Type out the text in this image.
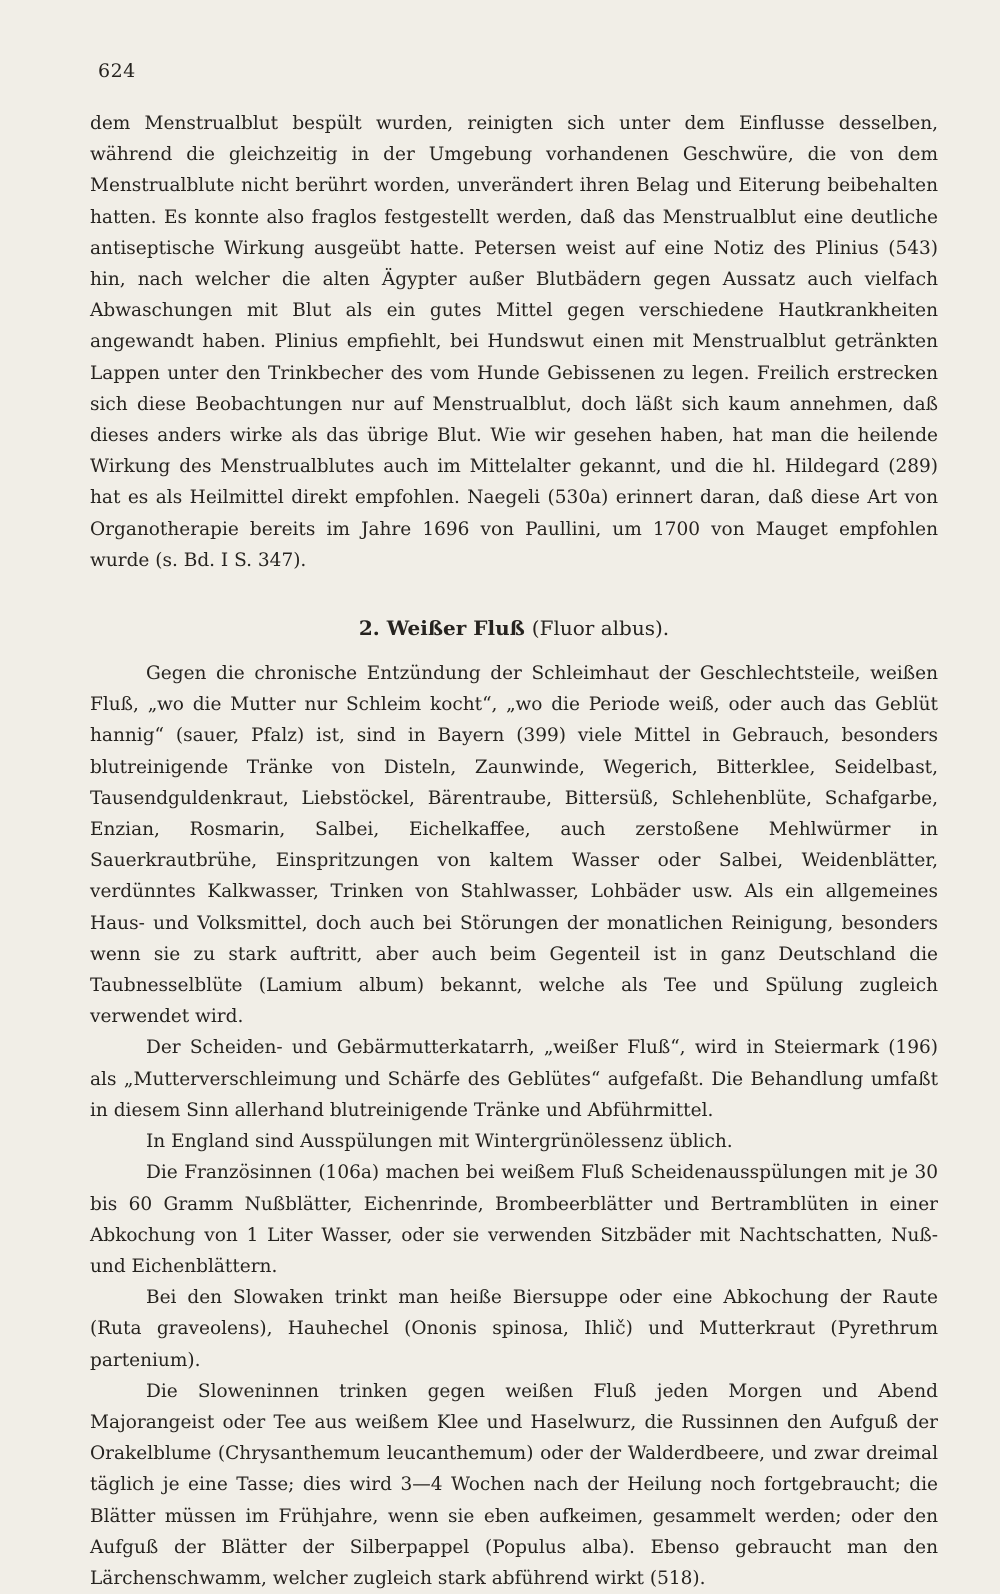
624

dem Menstrualblut bespült wurden, reinigten sich unter dem Einflusse desselben, während die gleichzeitig in der Umgebung vorhandenen Geschwüre, die von dem Menstrualblute nicht berührt worden, unverändert ihren Belag und Eiterung beibehalten hatten. Es konnte also fraglos festgestellt werden, daß das Menstrualblut eine deutliche antiseptische Wirkung ausgeübt hatte. Petersen weist auf eine Notiz des Plinius (543) hin, nach welcher die alten Ägypter außer Blutbädern gegen Aussatz auch vielfach Abwaschungen mit Blut als ein gutes Mittel gegen verschiedene Hautkrankheiten angewandt haben. Plinius empfiehlt, bei Hundswut einen mit Menstrualblut getränkten Lappen unter den Trinkbecher des vom Hunde Gebissenen zu legen. Freilich erstrecken sich diese Beobachtungen nur auf Menstrualblut, doch läßt sich kaum annehmen, daß dieses anders wirke als das übrige Blut. Wie wir gesehen haben, hat man die heilende Wirkung des Menstrualblutes auch im Mittelalter gekannt, und die hl. Hildegard (289) hat es als Heilmittel direkt empfohlen. Naegeli (530a) erinnert daran, daß diese Art von Organotherapie bereits im Jahre 1696 von Paullini, um 1700 von Mauget empfohlen wurde (s. Bd. I S. 347).

2. Weißer Fluß (Fluor albus).

Gegen die chronische Entzündung der Schleimhaut der Geschlechtsteile, weißen Fluß, „wo die Mutter nur Schleim kocht“, „wo die Periode weiß, oder auch das Geblüt hannig“ (sauer, Pfalz) ist, sind in Bayern (399) viele Mittel in Gebrauch, besonders blutreinigende Tränke von Disteln, Zaunwinde, Wegerich, Bitterklee, Seidelbast, Tausendguldenkraut, Liebstöckel, Bärentraube, Bittersüß, Schlehenblüte, Schafgarbe, Enzian, Rosmarin, Salbei, Eichelkaffee, auch zerstoßene Mehlwürmer in Sauerkrautbrühe, Einspritzungen von kaltem Wasser oder Salbei, Weidenblätter, verdünntes Kalkwasser, Trinken von Stahlwasser, Lohbäder usw. Als ein allgemeines Haus- und Volksmittel, doch auch bei Störungen der monatlichen Reinigung, besonders wenn sie zu stark auftritt, aber auch beim Gegenteil ist in ganz Deutschland die Taubnesselblüte (Lamium album) bekannt, welche als Tee und Spülung zugleich verwendet wird.

Der Scheiden- und Gebärmutterkatarrh, „weißer Fluß“, wird in Steiermark (196) als „Mutterverschleimung und Schärfe des Geblütes“ aufgefaßt. Die Behandlung umfaßt in diesem Sinn allerhand blutreinigende Tränke und Abführmittel.

In England sind Ausspülungen mit Wintergrünölessenz üblich.

Die Französinnen (106a) machen bei weißem Fluß Scheidenausspülungen mit je 30 bis 60 Gramm Nußblätter, Eichenrinde, Brombeerblätter und Bertramblüten in einer Abkochung von 1 Liter Wasser, oder sie verwenden Sitzbäder mit Nachtschatten, Nuß- und Eichenblättern.

Bei den Slowaken trinkt man heiße Biersuppe oder eine Abkochung der Raute (Ruta graveolens), Hauhechel (Ononis spinosa, Ihlič) und Mutterkraut (Pyrethrum partenium).

Die Sloweninnen trinken gegen weißen Fluß jeden Morgen und Abend Majorangeist oder Tee aus weißem Klee und Haselwurz, die Russinnen den Aufguß der Orakelblume (Chrysanthemum leucanthemum) oder der Walderdbeere, und zwar dreimal täglich je eine Tasse; dies wird 3—4 Wochen nach der Heilung noch fortgebraucht; die Blätter müssen im Frühjahre, wenn sie eben aufkeimen, gesammelt werden; oder den Aufguß der Blätter der Silberpappel (Populus alba). Ebenso gebraucht man den Lärchenschwamm, welcher zugleich stark abführend wirkt (518).
